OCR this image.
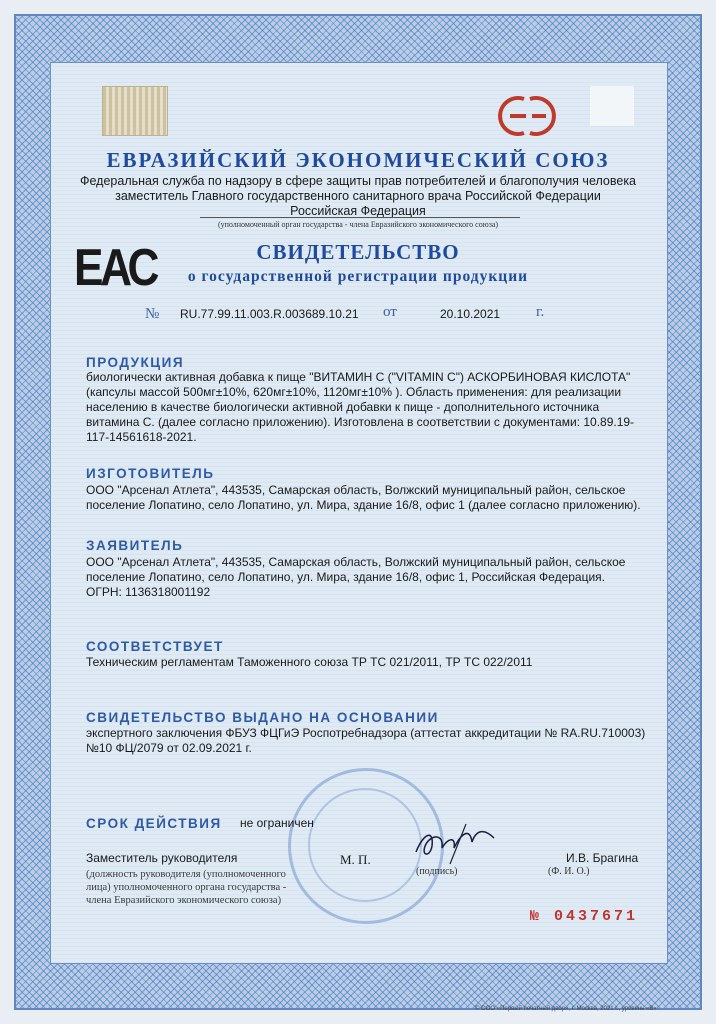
ЕВРАЗИЙСКИЙ ЭКОНОМИЧЕСКИЙ СОЮЗ
Федеральная служба по надзору в сфере защиты прав потребителей и благополучия человека
заместитель Главного государственного санитарного врача Российской Федерации
Российская Федерация
(уполномоченный орган государства - члена Евразийского экономического союза)
ЕАС	СВИДЕТЕЛЬСТВО
о государственной регистрации продукции
№ RU.77.99.11.003.R.003689.10.21 от	20.10.2021 г.
ПРОДУКЦИЯ
биологически активная добавка к пище "ВИТАМИН С ("VITAMIN C") АСКОРБИНОВАЯ КИСЛОТА"
(капсулы массой 500мг±10%, 620мг±10%, 1120мг±10% ). Область применения: для реализации
населению в качестве биологически активной добавки к пище - дополнительного источника
витамина С. (далее согласно приложению). Изготовлена в соответствии с документами: 10.89.19-
117-14561618-2021.
ИЗГОТОВИТЕЛЬ
ООО "Арсенал Атлета", 443535, Самарская область, Волжский муниципальный район, сельское
поселение Лопатино, село Лопатино, ул. Мира, здание 16/8, офис 1 (далее согласно приложению).
ЗАЯВИТЕЛЬ
ООО "Арсенал Атлета", 443535, Самарская область, Волжский муниципальный район, сельское
поселение Лопатино, село Лопатино, ул. Мира, здание 16/8, офис 1, Российская Федерация.
ОГРН: 1136318001192
СООТВЕТСТВУЕТ
Техническим регламентам Таможенного союза ТР ТС 021/2011, ТР ТС 022/2011
СВИДЕТЕЛЬСТВО ВЫДАНО НА ОСНОВАНИИ
экспертного заключения ФБУЗ ФЦГиЭ Роспотребнадзора (аттестат аккредитации № RA.RU.710003)
№10 ФЦ/2079 от 02.09.2021 г.
СРОК ДЕЙСТВИЯ не ограничен
Заместитель руководителя	М. П.	И.В. Брагина
(подпись)	(Ф. И. О.)
(должность руководителя (уполномоченного
лица) уполномоченного органа государства -
члена Евразийского экономического союза)
№ 0437671
© ООО «Первый печатный двор», г. Москва, 2021 г., уровень «В»
